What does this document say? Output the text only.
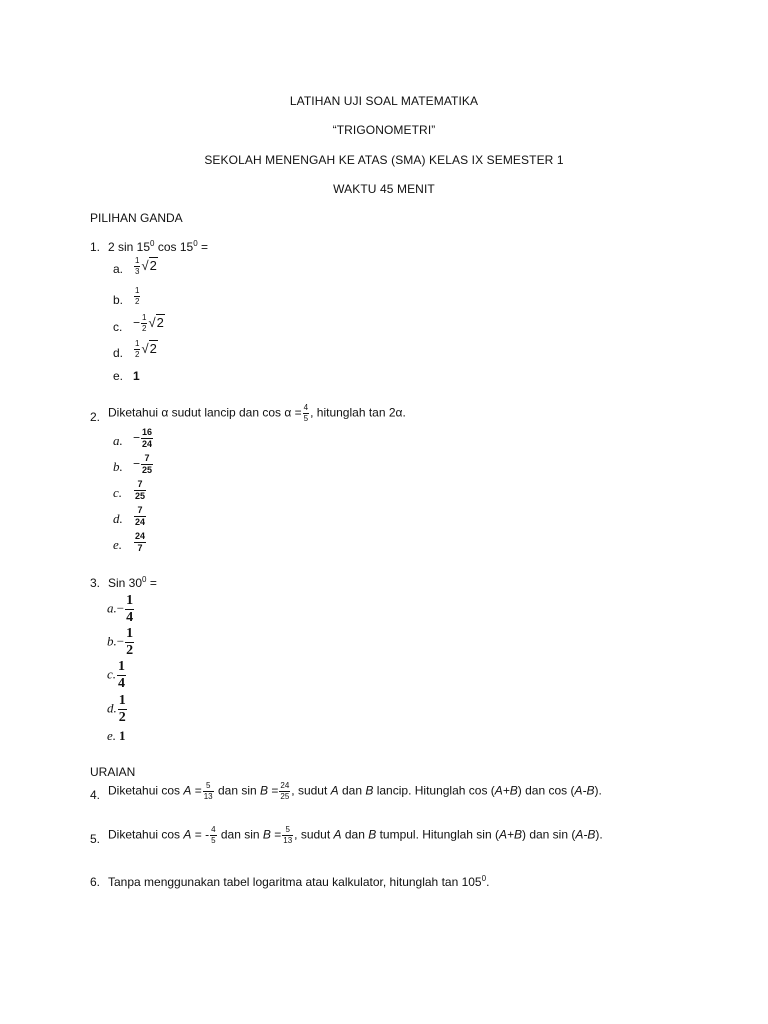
LATIHAN UJI SOAL MATEMATIKA
“TRIGONOMETRI”
SEKOLAH MENENGAH KE ATAS (SMA) KELAS IX SEMESTER 1
WAKTU 45 MENIT
PILIHAN GANDA
1. 2 $\sin 15^0$ $\cos 15^0$ =
a. $\frac{1}{3} √2$
b. $\frac{1}{2}$
c. − $\frac{1}{2} √2$
d. $\frac{1}{2} √2$
e. 1
2. Diketahui α sudut lancip dan $\cos \alpha = \frac{4}{5}$ , hitunglah tan 2α.
a. − $\frac{16}{24}$
b. − $\frac{7}{25}$
c. $\frac{7}{25}$
d. $\frac{7}{24}$
e. $\frac{24}{7}$
3. Sin $30^0$ =
$a.- \frac{1}{4}$
$b.- \frac{1}{2}$
c. $\frac{1}{4}$
d. $\frac{1}{2}$
e. 1
URAIAN
4. Diketahui $\cos A = \frac{5}{13}$ dan $\sin B = \frac{24}{25}$ , sudut A dan B lancip. Hitunglah cos (A+B) dan cos (A-B).
5. Diketahui cos A = - $\frac{4}{5}$ dan $\sin B = \frac{5}{13}$ , sudut A dan B tumpul. Hitunglah sin (A+B) dan sin (A-B).
6. Tanpa menggunakan tabel logaritma atau kalkulator, hitunglah $\tan 105^0$.
